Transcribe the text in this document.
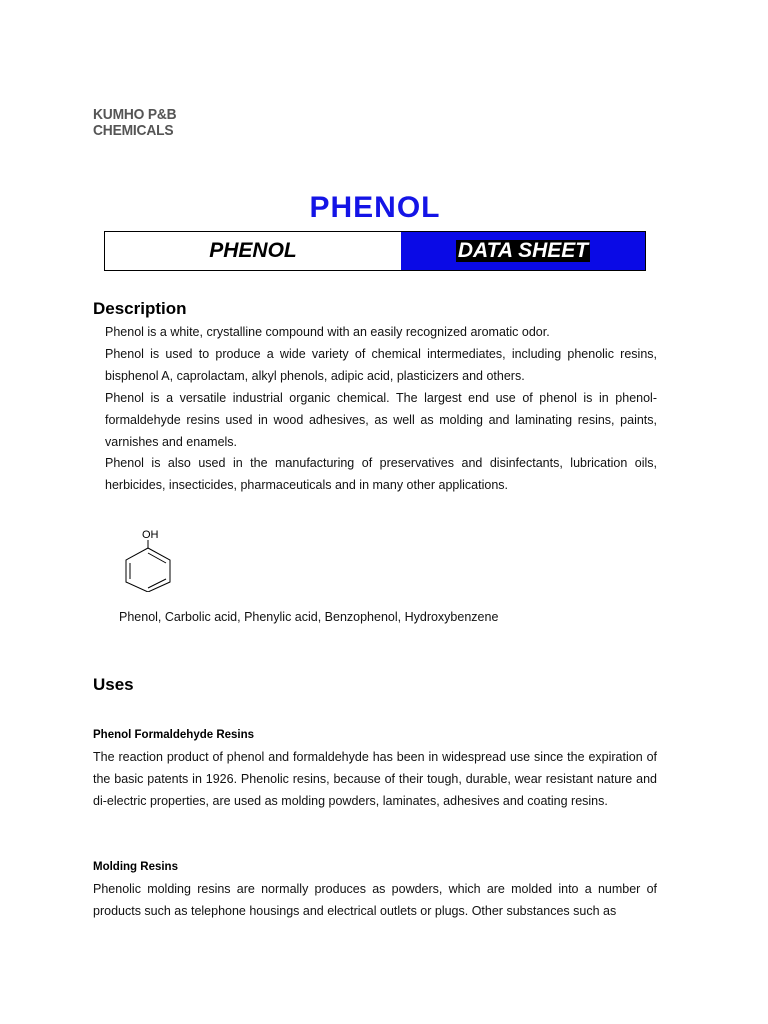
KUMHO P&B
CHEMICALS
PHENOL
PHENOL	DATA SHEET
Description

Phenol is a white, crystalline compound with an easily recognized aromatic odor.

Phenol is used to produce a wide variety of chemical intermediates, including phenolic resins, bisphenol A, caprolactam, alkyl phenols, adipic acid, plasticizers and others.

Phenol is a versatile industrial organic chemical. The largest end use of phenol is in phenol-formaldehyde resins used in wood adhesives, as well as molding and laminating resins, paints, varnishes and enamels.

Phenol is also used in the manufacturing of preservatives and disinfectants, lubrication oils, herbicides, insecticides, pharmaceuticals and in many other applications.

OH
Phenol, Carbolic acid, Phenylic acid, Benzophenol, Hydroxybenzene
Uses
Phenol Formaldehyde Resins

The reaction product of phenol and formaldehyde has been in widespread use since the expiration of the basic patents in 1926. Phenolic resins, because of their tough, durable, wear resistant nature and di-electric properties, are used as molding powders, laminates, adhesives and coating resins.

Molding Resins

Phenolic molding resins are normally produces as powders, which are molded into a number of products such as telephone housings and electrical outlets or plugs. Other substances such as
